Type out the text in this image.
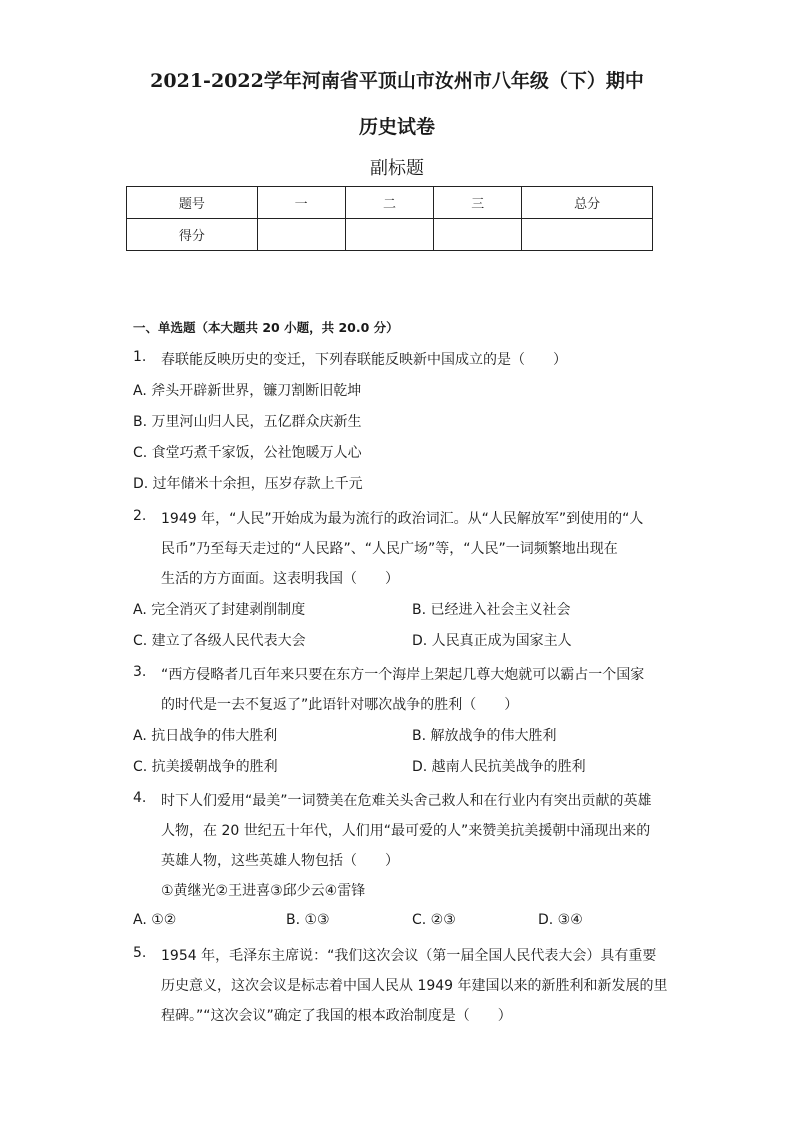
2021-2022学年河南省平顶山市汝州市八年级（下）期中
历史试卷
副标题
题号	一	二	三	总分
得分				
一、单选题（本大题共 20 小题，共 20.0 分）
1. 春联能反映历史的变迁，下列春联能反映新中国成立的是（　　）
A. 斧头开辟新世界，镰刀割断旧乾坤
B. 万里河山归人民，五亿群众庆新生
C. 食堂巧煮千家饭，公社饱暖万人心
D. 过年储米十余担，压岁存款上千元
2. 1949 年，“人民”开始成为最为流行的政治词汇。从“人民解放军”到使用的“人
民币”乃至每天走过的“人民路”、“人民广场”等，“人民”一词频繁地出现在
生活的方方面面。这表明我国（　　）
A. 完全消灭了封建剥削制度	B. 已经进入社会主义社会
C. 建立了各级人民代表大会	D. 人民真正成为国家主人
3. “西方侵略者几百年来只要在东方一个海岸上架起几尊大炮就可以霸占一个国家
的时代是一去不复返了”此语针对哪次战争的胜利（　　）
A. 抗日战争的伟大胜利	B. 解放战争的伟大胜利
C. 抗美援朝战争的胜利	D. 越南人民抗美战争的胜利
4. 时下人们爱用“最美”一词赞美在危难关头舍己救人和在行业内有突出贡献的英雄
人物，在 20 世纪五十年代，人们用“最可爱的人”来赞美抗美援朝中涌现出来的
英雄人物，这些英雄人物包括（　　）
①黄继光②王进喜③邱少云④雷锋
A. ①②	B. ①③	C. ②③	D. ③④
5. 1954 年，毛泽东主席说：“我们这次会议（第一届全国人民代表大会）具有重要
历史意义，这次会议是标志着中国人民从 1949 年建国以来的新胜利和新发展的里
程碑。”“这次会议”确定了我国的根本政治制度是（　　）
